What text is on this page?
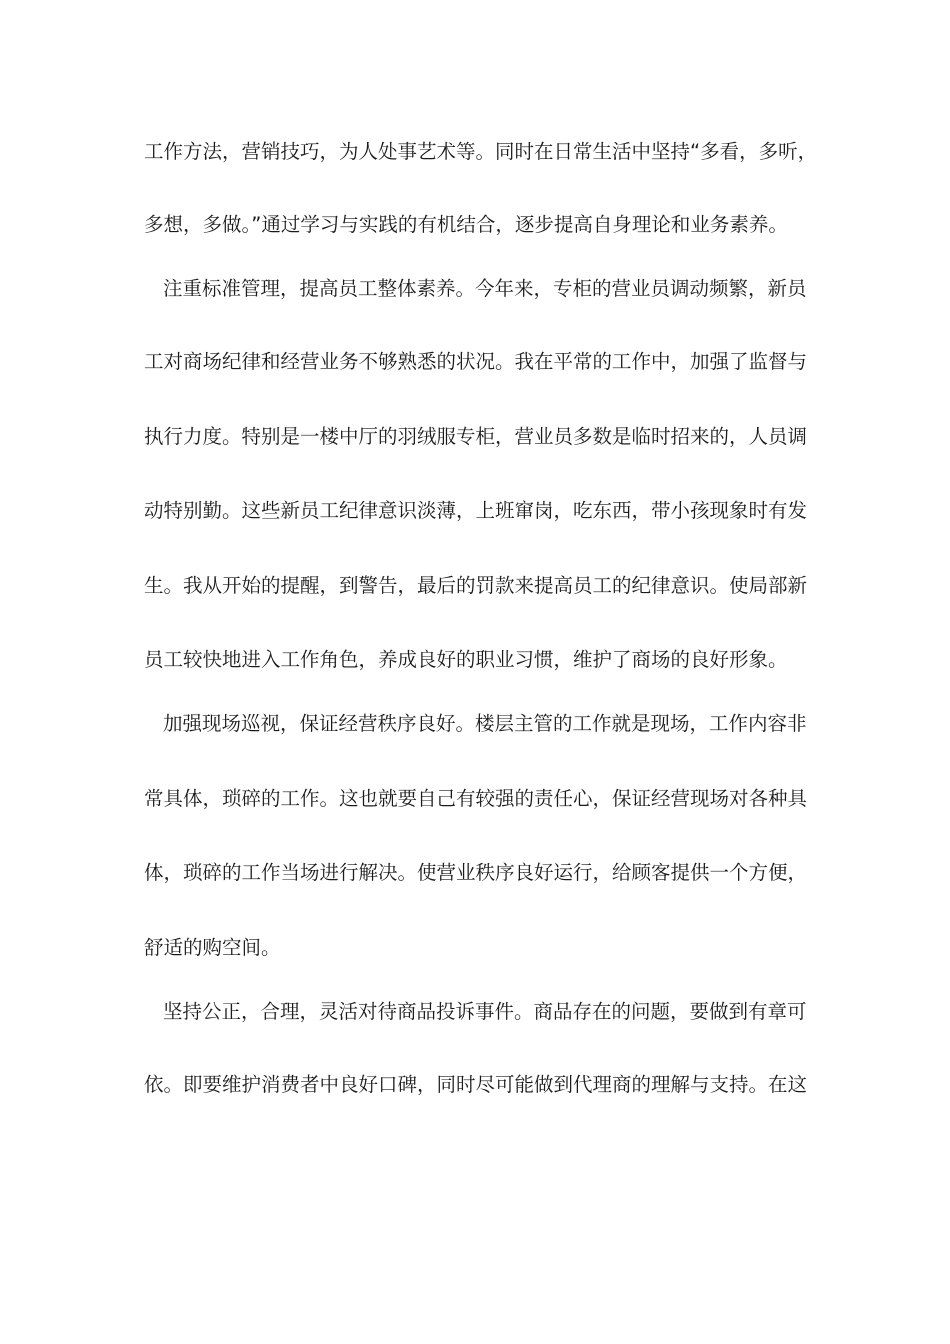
工作方法，营销技巧，为人处事艺术等。同时在日常生活中坚持“多看，多听，
多想，多做。”通过学习与实践的有机结合，逐步提高自身理论和业务素养。
注重标准管理，提高员工整体素养。今年来，专柜的营业员调动频繁，新员
工对商场纪律和经营业务不够熟悉的状况。我在平常的工作中，加强了监督与
执行力度。特别是一楼中厅的羽绒服专柜，营业员多数是临时招来的，人员调
动特别勤。这些新员工纪律意识淡薄，上班窜岗，吃东西，带小孩现象时有发
生。我从开始的提醒，到警告，最后的罚款来提高员工的纪律意识。使局部新
员工较快地进入工作角色，养成良好的职业习惯，维护了商场的良好形象。
加强现场巡视，保证经营秩序良好。楼层主管的工作就是现场，工作内容非
常具体，琐碎的工作。这也就要自己有较强的责任心，保证经营现场对各种具
体，琐碎的工作当场进行解决。使营业秩序良好运行，给顾客提供一个方便，
舒适的购空间。
坚持公正，合理，灵活对待商品投诉事件。商品存在的问题，要做到有章可
依。即要维护消费者中良好口碑，同时尽可能做到代理商的理解与支持。在这
